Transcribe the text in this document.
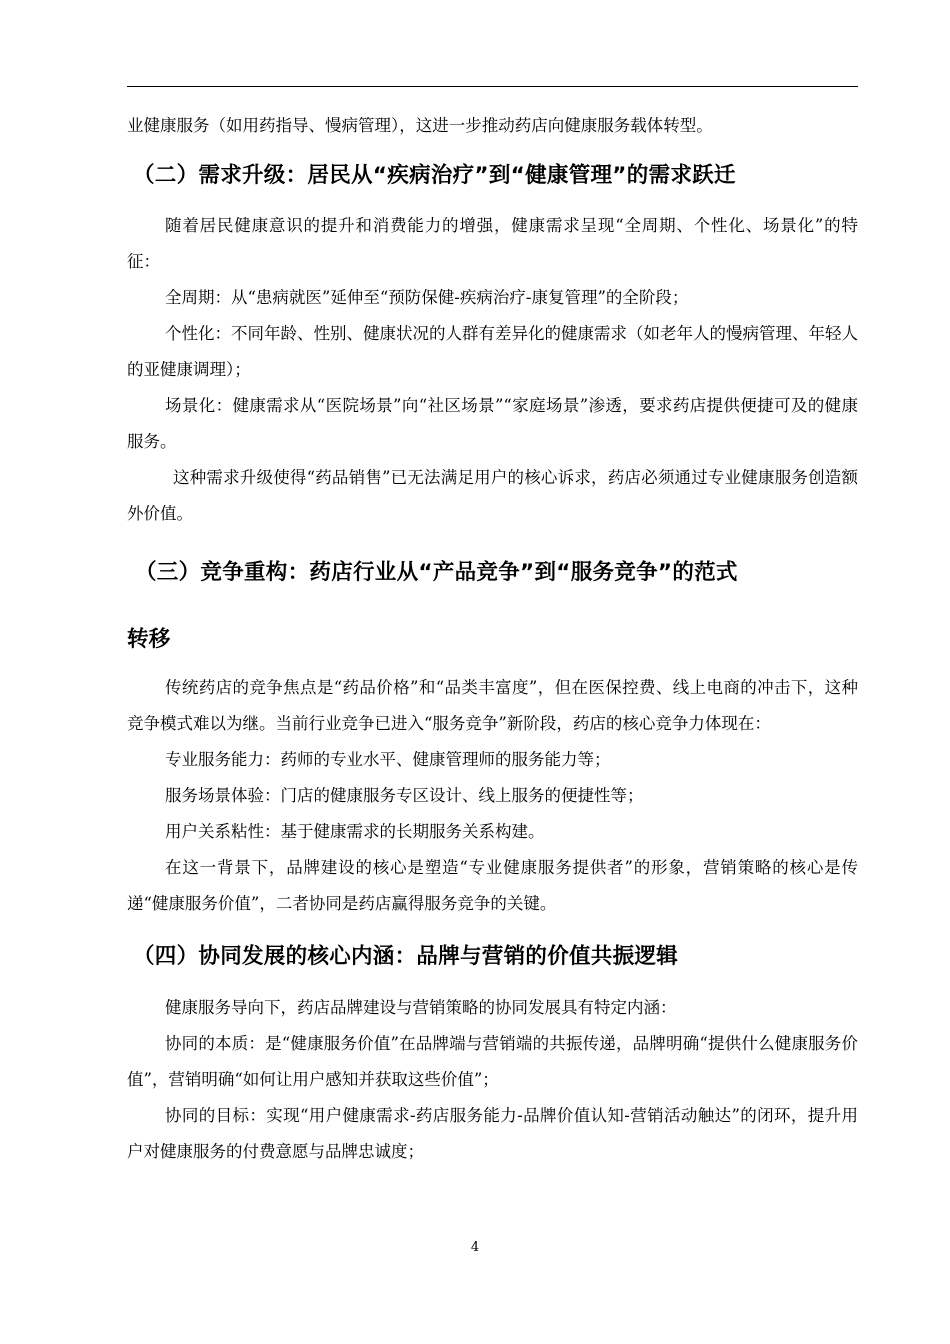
业健康服务（如用药指导、慢病管理），这进一步推动药店向健康服务载体转型。

（二）需求升级：居民从“疾病治疗”到“健康管理”的需求跃迁

随着居民健康意识的提升和消费能力的增强，健康需求呈现“全周期、个性化、场景化”的特征：

全周期：从“患病就医”延伸至“预防保健-疾病治疗-康复管理”的全阶段；

个性化：不同年龄、性别、健康状况的人群有差异化的健康需求（如老年人的慢病管理、年轻人的亚健康调理）；

场景化：健康需求从“医院场景”向“社区场景”“家庭场景”渗透，要求药店提供便捷可及的健康服务。

这种需求升级使得“药品销售”已无法满足用户的核心诉求，药店必须通过专业健康服务创造额外价值。

（三）竞争重构：药店行业从“产品竞争”到“服务竞争”的范式
转移

传统药店的竞争焦点是“药品价格”和“品类丰富度”，但在医保控费、线上电商的冲击下，这种竞争模式难以为继。当前行业竞争已进入“服务竞争”新阶段，药店的核心竞争力体现在：

专业服务能力：药师的专业水平、健康管理师的服务能力等；

服务场景体验：门店的健康服务专区设计、线上服务的便捷性等；

用户关系粘性：基于健康需求的长期服务关系构建。

在这一背景下，品牌建设的核心是塑造“专业健康服务提供者”的形象，营销策略的核心是传递“健康服务价值”，二者协同是药店赢得服务竞争的关键。

（四）协同发展的核心内涵：品牌与营销的价值共振逻辑

健康服务导向下，药店品牌建设与营销策略的协同发展具有特定内涵：

协同的本质：是“健康服务价值”在品牌端与营销端的共振传递，品牌明确“提供什么健康服务价值”，营销明确“如何让用户感知并获取这些价值”；

协同的目标：实现“用户健康需求-药店服务能力-品牌价值认知-营销活动触达”的闭环，提升用户对健康服务的付费意愿与品牌忠诚度；

4
